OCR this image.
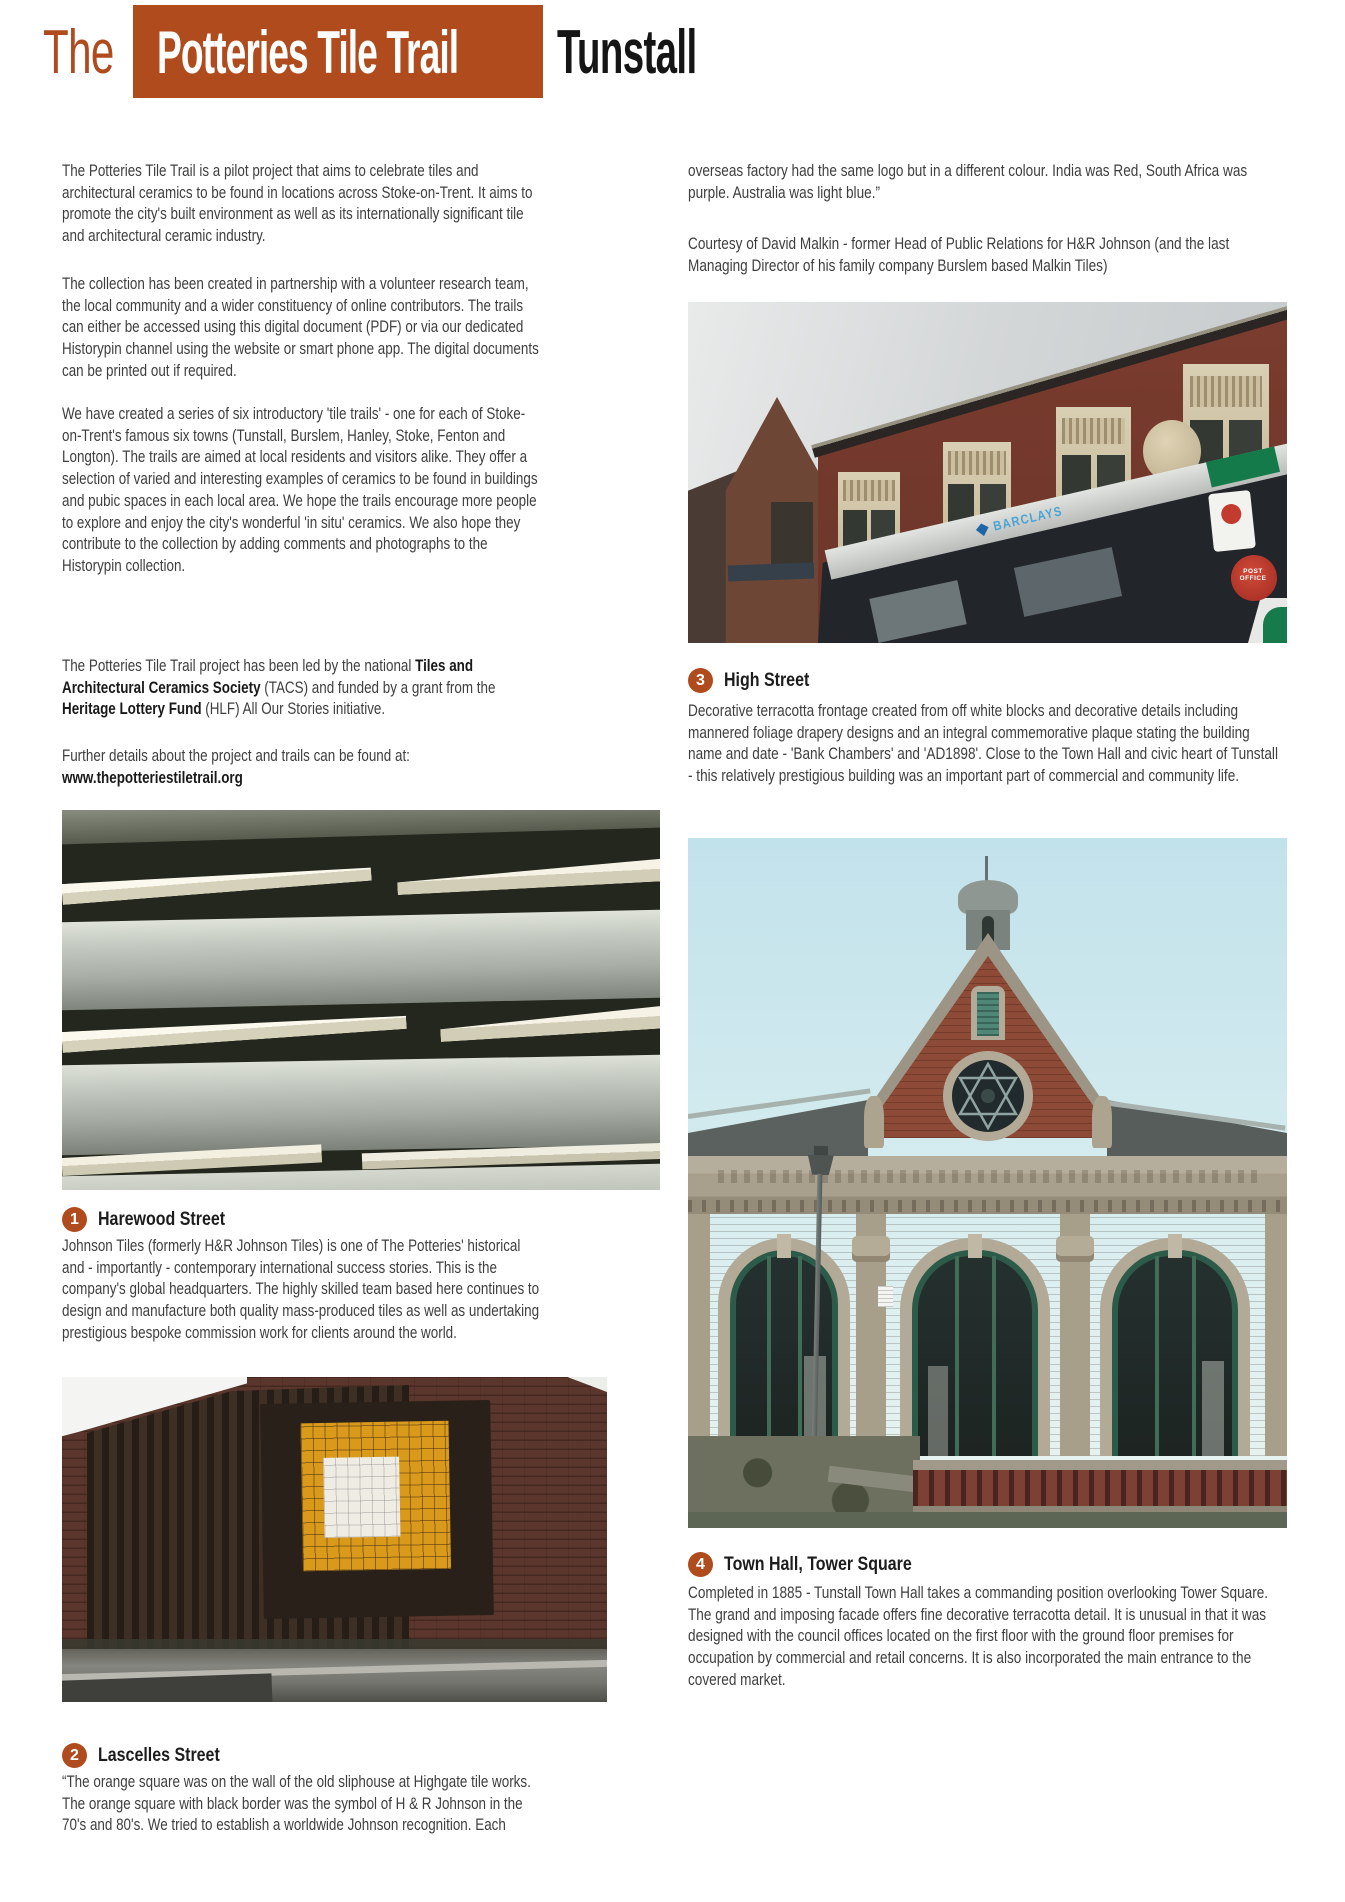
The Potteries Tile Trail Tunstall

The Potteries Tile Trail is a pilot project that aims to celebrate tiles and architectural ceramics to be found in locations across Stoke-on-Trent. It aims to promote the city's built environment as well as its internationally significant tile and architectural ceramic industry.

The collection has been created in partnership with a volunteer research team, the local community and a wider constituency of online contributors. The trails can either be accessed using this digital document (PDF) or via our dedicated Historypin channel using the website or smart phone app. The digital documents can be printed out if required.

We have created a series of six introductory 'tile trails' - one for each of Stoke-on-Trent's famous six towns (Tunstall, Burslem, Hanley, Stoke, Fenton and Longton). The trails are aimed at local residents and visitors alike. They offer a selection of varied and interesting examples of ceramics to be found in buildings and pubic spaces in each local area. We hope the trails encourage more people to explore and enjoy the city's wonderful 'in situ' ceramics. We also hope they contribute to the collection by adding comments and photographs to the Historypin collection.

The Potteries Tile Trail project has been led by the national Tiles and Architectural Ceramics Society (TACS) and funded by a grant from the Heritage Lottery Fund (HLF) All Our Stories initiative.

Further details about the project and trails can be found at:
www.thepotteriestiletrail.org

overseas factory had the same logo but in a different colour. India was Red, South Africa was purple. Australia was light blue.”

Courtesy of David Malkin - former Head of Public Relations for H&R Johnson (and the last Managing Director of his family company Burslem based Malkin Tiles)

BARCLAYS
POST OFFICE
3 High Street

Decorative terracotta frontage created from off white blocks and decorative details including mannered foliage drapery designs and an integral commemorative plaque stating the building name and date - 'Bank Chambers' and 'AD1898'. Close to the Town Hall and civic heart of Tunstall - this relatively prestigious building was an important part of commercial and community life.

4 Town Hall, Tower Square

Completed in 1885 - Tunstall Town Hall takes a commanding position overlooking Tower Square. The grand and imposing facade offers fine decorative terracotta detail. It is unusual in that it was designed with the council offices located on the first floor with the ground floor premises for occupation by commercial and retail concerns. It is also incorporated the main entrance to the covered market.

1 Harewood Street

Johnson Tiles (formerly H&R Johnson Tiles) is one of The Potteries' historical and - importantly - contemporary international success stories. This is the company's global headquarters. The highly skilled team based here continues to design and manufacture both quality mass-produced tiles as well as undertaking prestigious bespoke commission work for clients around the world.

2 Lascelles Street

“The orange square was on the wall of the old sliphouse at Highgate tile works. The orange square with black border was the symbol of H & R Johnson in the 70's and 80's. We tried to establish a worldwide Johnson recognition. Each
